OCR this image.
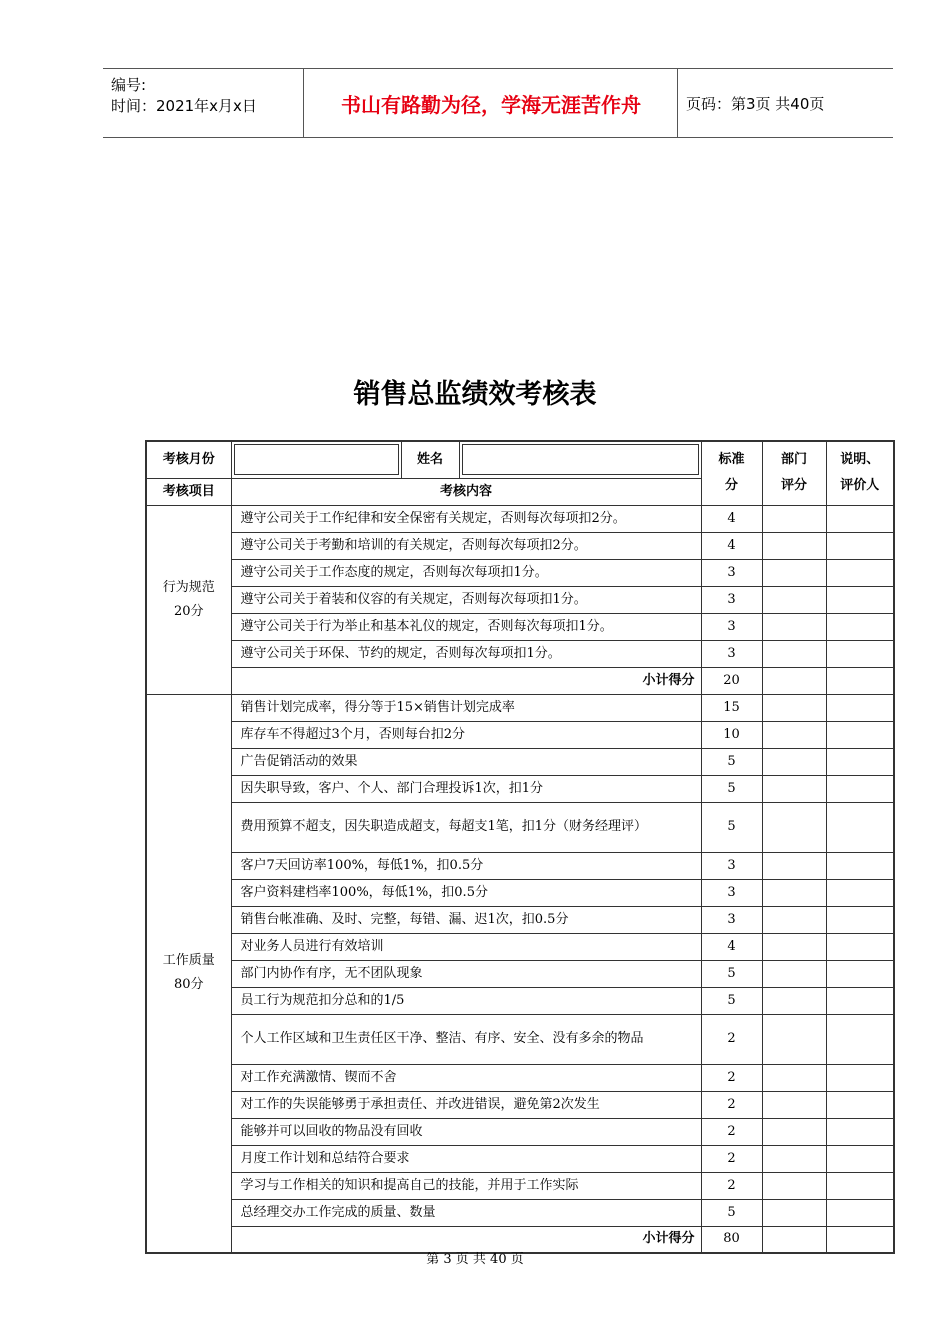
编号:
时间：2021年x月x日	书山有路勤为径，学海无涯苦作舟	页码：第3页 共40页
销售总监绩效考核表
考核月份		姓名		标准分	部门评分	说明、评价人
考核项目	考核内容					

行为规范
20分	遵守公司关于工作纪律和安全保密有关规定，否则每次每项扣2分。			4		
	遵守公司关于考勤和培训的有关规定，否则每次每项扣2分。			4		
	遵守公司关于工作态度的规定，否则每次每项扣1分。			3		
	遵守公司关于着装和仪容的有关规定，否则每次每项扣1分。			3		
	遵守公司关于行为举止和基本礼仪的规定，否则每次每项扣1分。			3		
	遵守公司关于环保、节约的规定，否则每次每项扣1分。			3		
	小计得分			20		

工作质量
80分	销售计划完成率，得分等于15×销售计划完成率			15		
	库存车不得超过3个月，否则每台扣2分			10		
	广告促销活动的效果			5		
	因失职导致，客户、个人、部门合理投诉1次，扣1分			5		
	费用预算不超支，因失职造成超支，每超支1笔，扣1分（财务经理评）			5		
	客户7天回访率100%，每低1%，扣0.5分			3		
	客户资料建档率100%，每低1%，扣0.5分			3		
	销售台帐准确、及时、完整，每错、漏、迟1次，扣0.5分			3		
	对业务人员进行有效培训			4		
	部门内协作有序，无不团队现象			5		
	员工行为规范扣分总和的1/5			5		
	个人工作区域和卫生责任区干净、整洁、有序、安全、没有多余的物品			2		
	对工作充满激情、锲而不舍			2		
	对工作的失误能够勇于承担责任、并改进错误，避免第2次发生			2		
	能够并可以回收的物品没有回收			2		
	月度工作计划和总结符合要求			2		
	学习与工作相关的知识和提高自己的技能，并用于工作实际			2		
	总经理交办工作完成的质量、数量			5		
	小计得分			80		
第 3 页 共 40 页
